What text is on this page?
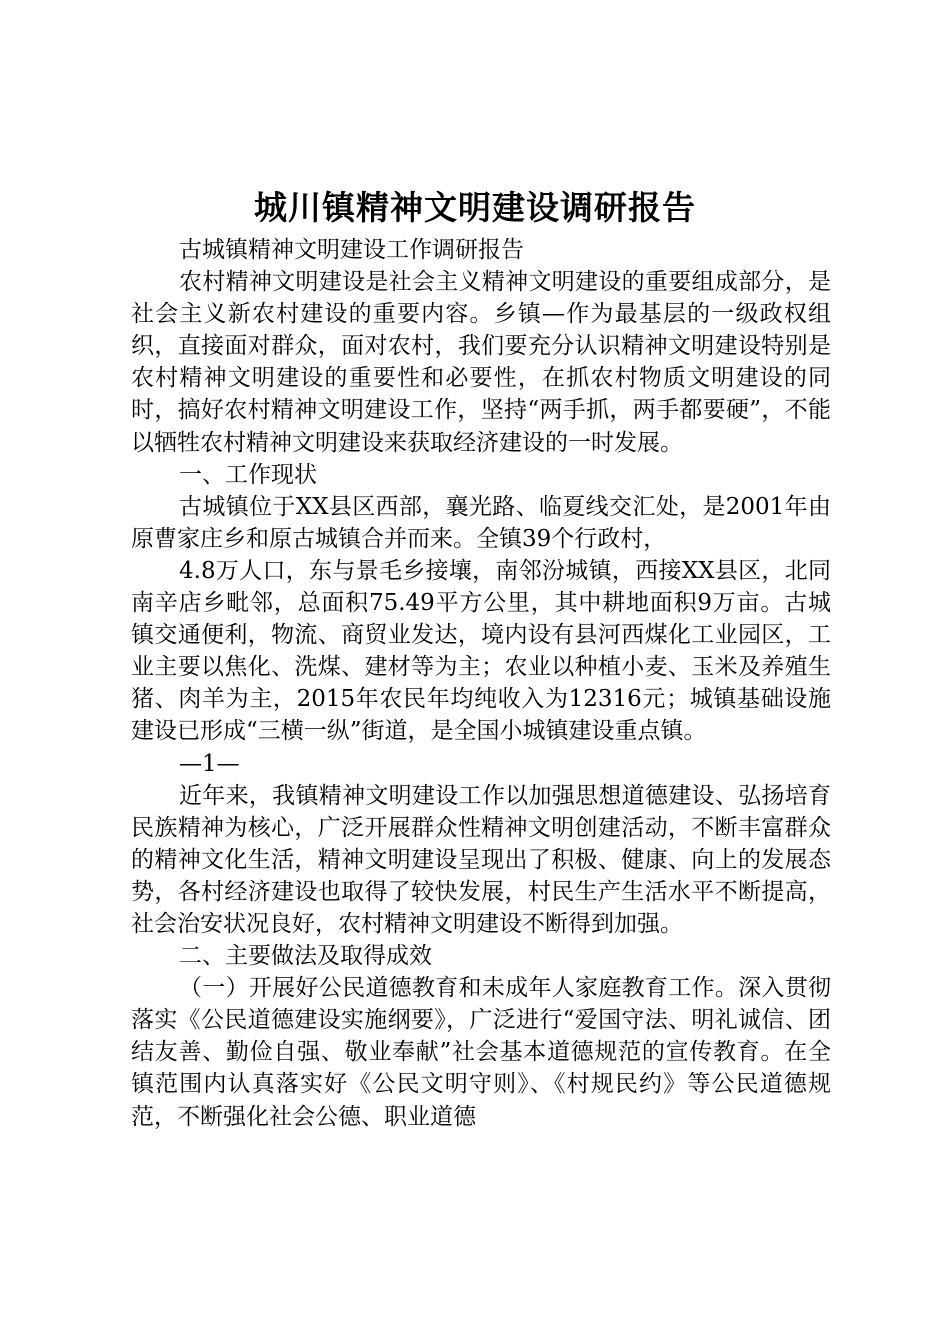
城川镇精神文明建设调研报告

古城镇精神文明建设工作调研报告

农村精神文明建设是社会主义精神文明建设的重要组成部分，是社会主义新农村建设的重要内容。乡镇—作为最基层的一级政权组织，直接面对群众，面对农村，我们要充分认识精神文明建设特别是农村精神文明建设的重要性和必要性，在抓农村物质文明建设的同时，搞好农村精神文明建设工作，坚持“两手抓，两手都要硬”，不能以牺牲农村精神文明建设来获取经济建设的一时发展。

一、工作现状

古城镇位于XX县区西部，襄光路、临夏线交汇处，是2001年由原曹家庄乡和原古城镇合并而来。全镇39个行政村，

4.8万人口，东与景毛乡接壤，南邻汾城镇，西接XX县区，北同南辛店乡毗邻，总面积75.49平方公里，其中耕地面积9万亩。古城镇交通便利，物流、商贸业发达，境内设有县河西煤化工业园区，工业主要以焦化、洗煤、建材等为主；农业以种植小麦、玉米及养殖生猪、肉羊为主，2015年农民年均纯收入为12316元；城镇基础设施建设已形成“三横一纵”街道，是全国小城镇建设重点镇。

—1—

近年来，我镇精神文明建设工作以加强思想道德建设、弘扬培育民族精神为核心，广泛开展群众性精神文明创建活动，不断丰富群众的精神文化生活，精神文明建设呈现出了积极、健康、向上的发展态势，各村经济建设也取得了较快发展，村民生产生活水平不断提高，社会治安状况良好，农村精神文明建设不断得到加强。

二、主要做法及取得成效

（一）开展好公民道德教育和未成年人家庭教育工作。深入贯彻落实《公民道德建设实施纲要》，广泛进行“爱国守法、明礼诚信、团结友善、勤俭自强、敬业奉献”社会基本道德规范的宣传教育。在全镇范围内认真落实好《公民文明守则》、《村规民约》等公民道德规范，不断强化社会公德、职业道德
